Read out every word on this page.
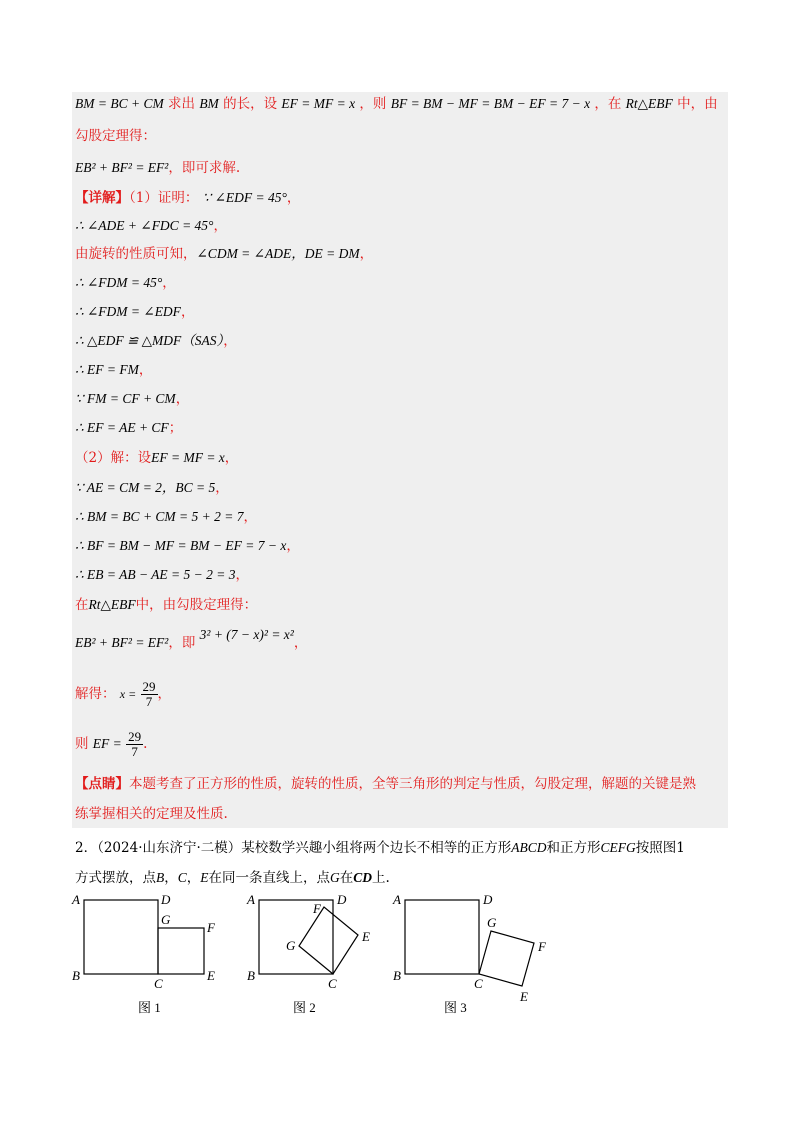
BM = BC + CM 求出 BM 的长，设 EF = MF = x ，则 BF = BM − MF = BM − EF = 7 − x ，在 Rt△EBF 中，由
勾股定理得：
EB² + BF² = EF²，即可求解.
【详解】（1）证明： ∵ ∠EDF = 45°，
∴ ∠ADE + ∠FDC = 45°，
由旋转的性质可知，∠CDM = ∠ADE，DE = DM，
∴ ∠FDM = 45°，
∴ ∠FDM = ∠EDF，
∴ △EDF ≌ △MDF（SAS），
∴ EF = FM，
∵ FM = CF + CM，
∴ EF = AE + CF；
（2）解：设EF = MF = x，
∵ AE = CM = 2，BC = 5，
∴ BM = BC + CM = 5 + 2 = 7，
∴ BF = BM − MF = BM − EF = 7 − x，
∴ EB = AB − AE = 5 − 2 = 3，
在Rt△EBF中，由勾股定理得：
EB² + BF² = EF²，即 3² + (7 − x)² = x²，
解得： $x = \frac{29}{7}$ ，
则 EF = $\frac{29}{7}$ .
【点睛】本题考查了正方形的性质，旋转的性质，全等三角形的判定与性质，勾股定理，解题的关键是熟
练掌握相关的定理及性质.
2．（2024·山东济宁·二模）某校数学兴趣小组将两个边长不相等的正方形ABCD和正方形CEFG按照图1
方式摆放，点B，C，E在同一条直线上，点G在CD上.
A	D
G
F
B
C
E
图 1
A	D
F
E
G
B
C
图 2
A	D
G
F
B
C
E
图 3
